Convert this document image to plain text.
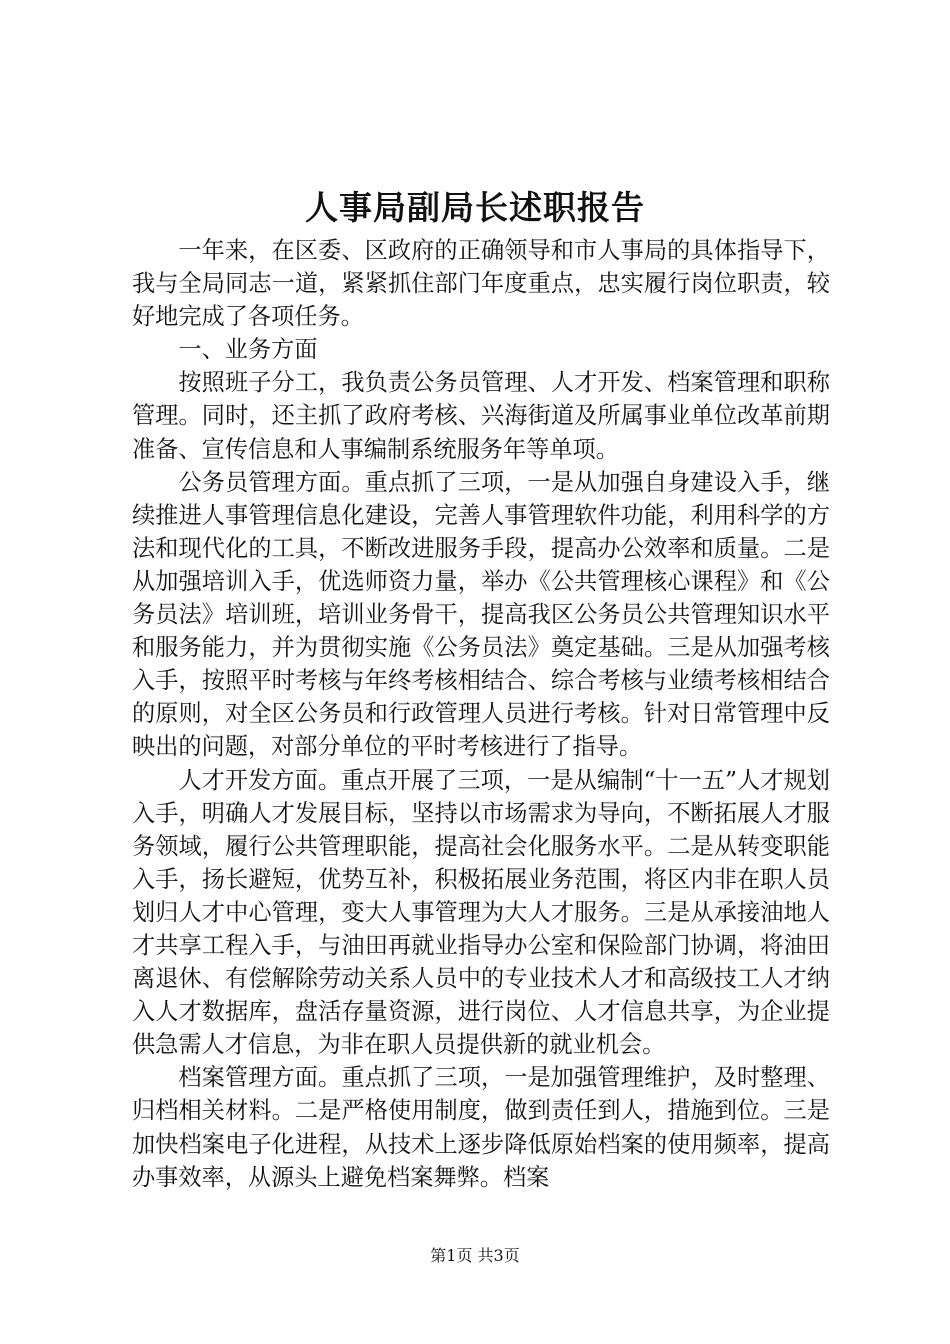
人事局副局长述职报告

一年来，在区委、区政府的正确领导和市人事局的具体指导下，我与全局同志一道，紧紧抓住部门年度重点，忠实履行岗位职责，较好地完成了各项任务。

一、业务方面

按照班子分工，我负责公务员管理、人才开发、档案管理和职称管理。同时，还主抓了政府考核、兴海街道及所属事业单位改革前期准备、宣传信息和人事编制系统服务年等单项。

公务员管理方面。重点抓了三项，一是从加强自身建设入手，继续推进人事管理信息化建设，完善人事管理软件功能，利用科学的方法和现代化的工具，不断改进服务手段，提高办公效率和质量。二是从加强培训入手，优选师资力量，举办《公共管理核心课程》和《公务员法》培训班，培训业务骨干，提高我区公务员公共管理知识水平和服务能力，并为贯彻实施《公务员法》奠定基础。三是从加强考核入手，按照平时考核与年终考核相结合、综合考核与业绩考核相结合的原则，对全区公务员和行政管理人员进行考核。针对日常管理中反映出的问题，对部分单位的平时考核进行了指导。

人才开发方面。重点开展了三项，一是从编制“十一五”人才规划入手，明确人才发展目标，坚持以市场需求为导向，不断拓展人才服务领域，履行公共管理职能，提高社会化服务水平。二是从转变职能入手，扬长避短，优势互补，积极拓展业务范围，将区内非在职人员划归人才中心管理，变大人事管理为大人才服务。三是从承接油地人才共享工程入手，与油田再就业指导办公室和保险部门协调，将油田离退休、有偿解除劳动关系人员中的专业技术人才和高级技工人才纳入人才数据库，盘活存量资源，进行岗位、人才信息共享，为企业提供急需人才信息，为非在职人员提供新的就业机会。

档案管理方面。重点抓了三项，一是加强管理维护，及时整理、归档相关材料。二是严格使用制度，做到责任到人，措施到位。三是加快档案电子化进程，从技术上逐步降低原始档案的使用频率，提高办事效率，从源头上避免档案舞弊。档案

第1页 共3页
